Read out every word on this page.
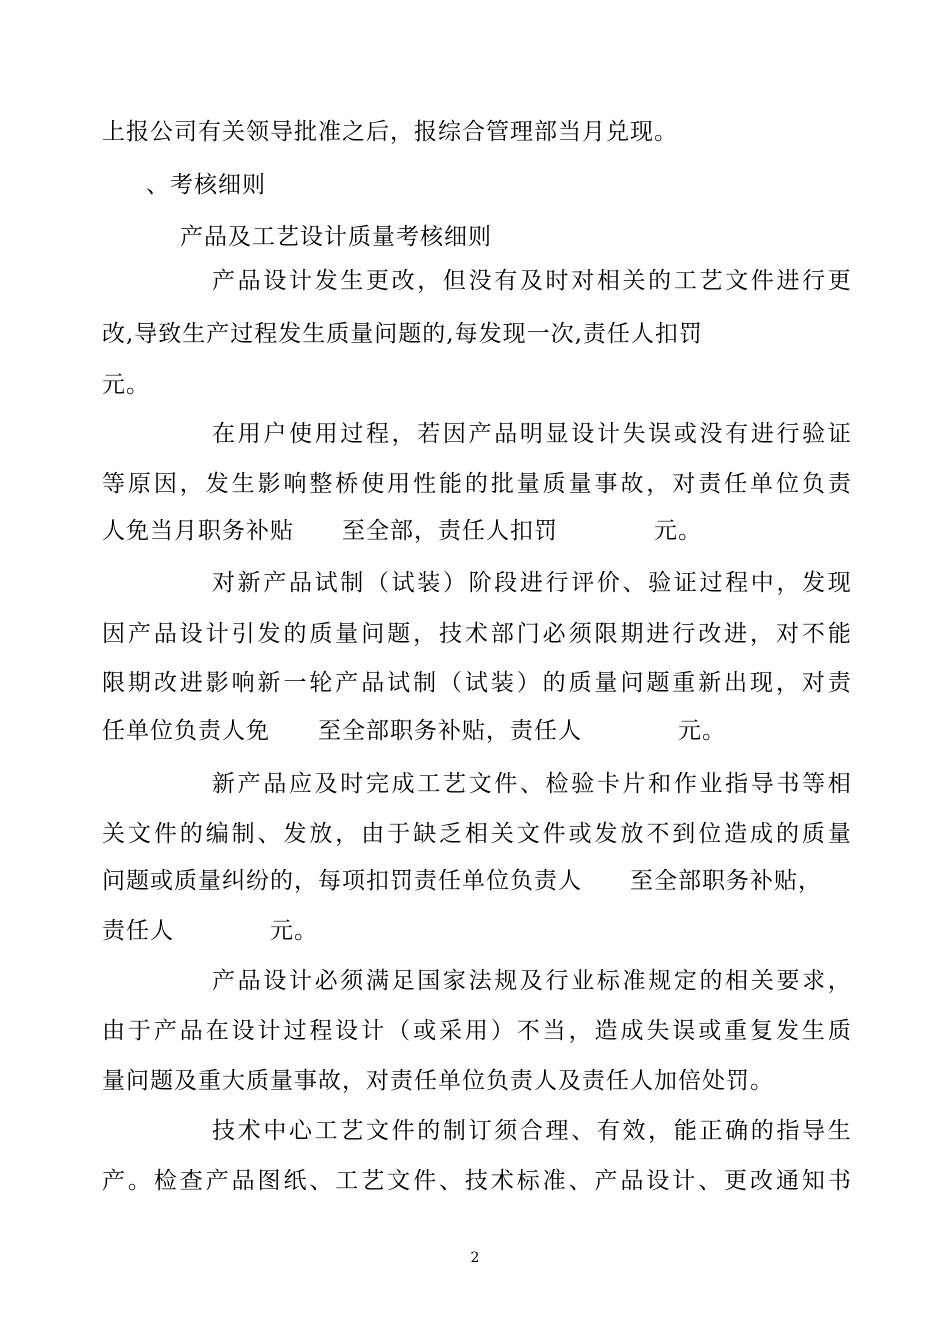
上报公司有关领导批准之后，报综合管理部当月兑现。

、考核细则

产品及工艺设计质量考核细则

产 品 设 计 发 生 更 改 ， 但 没 有 及 时 对 相 关 的 工 艺 文 件 进 行 更

改,导致生产过程发生质量问题的,每发现一次,责任人扣罚

元。

在 用 户 使 用 过 程 ， 若 因 产 品 明 显 设 计 失 误 或 没 有 进 行 验 证

等 原 因 ， 发 生 影 响 整 桥 使 用 性 能 的 批 量 质 量 事 故 ， 对 责 任 单 位 负 责

人免当月职务补贴　　至全部，责任人扣罚　　　　元。

对 新 产 品 试 制 （ 试 装 ） 阶 段 进 行 评 价 、 验 证 过 程 中 ， 发 现

因 产 品 设 计 引 发 的 质 量 问 题 ， 技 术 部 门 必 须 限 期 进 行 改 进 ， 对 不 能

限 期 改 进 影 响 新 一 轮 产 品 试 制 （ 试 装 ） 的 质 量 问 题 重 新 出 现 ， 对 责

任单位负责人免　　至全部职务补贴，责任人　　　　元。

新 产 品 应 及 时 完 成 工 艺 文 件 、 检 验 卡 片 和 作 业 指 导 书 等 相

关 文 件 的 编 制 、 发 放 ， 由 于 缺 乏 相 关 文 件 或 发 放 不 到 位 造 成 的 质 量

问题或质量纠纷的，每项扣罚责任单位负责人　　至全部职务补贴，

责任人　　　　元。

产 品 设 计 必 须 满 足 国 家 法 规 及 行 业 标 准 规 定 的 相 关 要 求 ，

由 于 产 品 在 设 计 过 程 设 计 （ 或 采 用 ） 不 当 ， 造 成 失 误 或 重 复 发 生 质

量问题及重大质量事故，对责任单位负责人及责任人加倍处罚。

技 术 中 心 工 艺 文 件 的 制 订 须 合 理 、 有 效 ， 能 正 确 的 指 导 生

产 。 检 查 产 品 图 纸 、 工 艺 文 件 、 技 术 标 准 、 产 品 设 计 、 更 改 通 知 书

2
